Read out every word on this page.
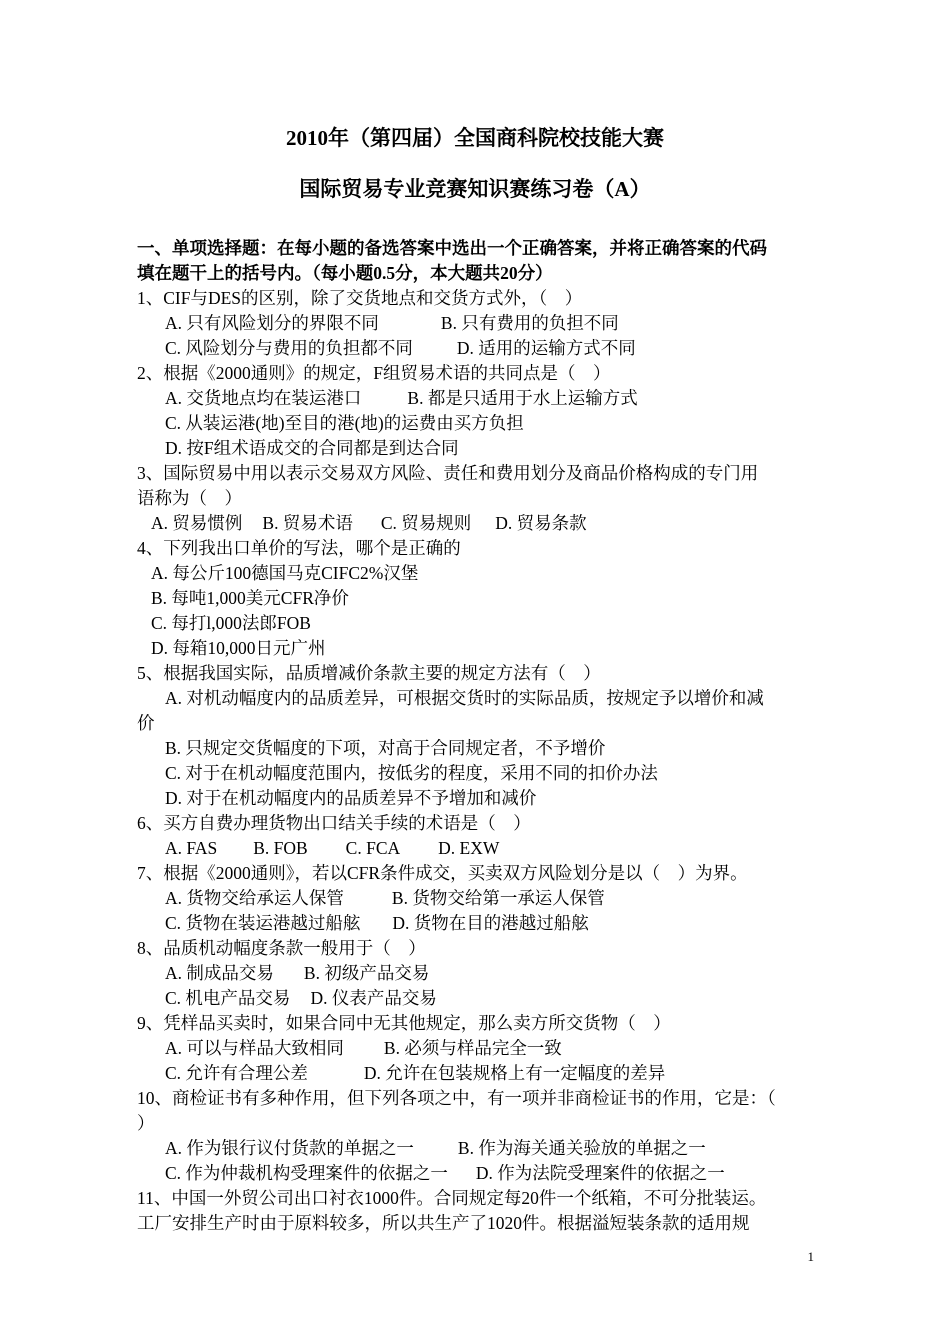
2010年（第四届）全国商科院校技能大赛
国际贸易专业竞赛知识赛练习卷（A）
一、单项选择题：在每小题的备选答案中选出一个正确答案，并将正确答案的代码
填在题干上的括号内。（每小题0.5分，本大题共20分）
1、CIF与DES的区别，除了交货地点和交货方式外，（　）
A. 只有风险划分的界限不同	B. 只有费用的负担不同
C. 风险划分与费用的负担都不同	D. 适用的运输方式不同
2、根据《2000通则》的规定，F组贸易术语的共同点是（　）
A. 交货地点均在装运港口	B. 都是只适用于水上运输方式
C. 从装运港(地)至目的港(地)的运费由买方负担
D. 按F组术语成交的合同都是到达合同
3、国际贸易中用以表示交易双方风险、责任和费用划分及商品价格构成的专门用
语称为（　）
A. 贸易惯例 B. 贸易术语 C. 贸易规则 D. 贸易条款
4、下列我出口单价的写法，哪个是正确的
A. 每公斤100德国马克CIFC2%汉堡
B. 每吨1,000美元CFR净价
C. 每打l,000法郎FOB
D. 每箱10,000日元广州
5、根据我国实际，品质增减价条款主要的规定方法有（　）
A. 对机动幅度内的品质差异，可根据交货时的实际品质，按规定予以增价和减
价
B. 只规定交货幅度的下项，对高于合同规定者，不予增价
C. 对于在机动幅度范围内，按低劣的程度，采用不同的扣价办法
D. 对于在机动幅度内的品质差异不予增加和减价
6、买方自费办理货物出口结关手续的术语是（　）
A. FAS B. FOB C. FCA D. EXW
7、根据《2000通则》，若以CFR条件成交，买卖双方风险划分是以（　）为界。
A. 货物交给承运人保管	B. 货物交给第一承运人保管
C. 货物在装运港越过船舷 D. 货物在目的港越过船舷
8、品质机动幅度条款一般用于（　）
A. 制成品交易 B. 初级产品交易
C. 机电产品交易 D. 仪表产品交易
9、凭样品买卖时，如果合同中无其他规定，那么卖方所交货物（　）
A. 可以与样品大致相同 B. 必须与样品完全一致
C. 允许有合理公差	D. 允许在包装规格上有一定幅度的差异
10、商检证书有多种作用，但下列各项之中，有一项并非商检证书的作用，它是：（
）
A. 作为银行议付货款的单据之一	B. 作为海关通关验放的单据之一
C. 作为仲裁机构受理案件的依据之一 D. 作为法院受理案件的依据之一
11、中国一外贸公司出口衬衣1000件。合同规定每20件一个纸箱，不可分批装运。
工厂安排生产时由于原料较多，所以共生产了1020件。根据溢短装条款的适用规
1
